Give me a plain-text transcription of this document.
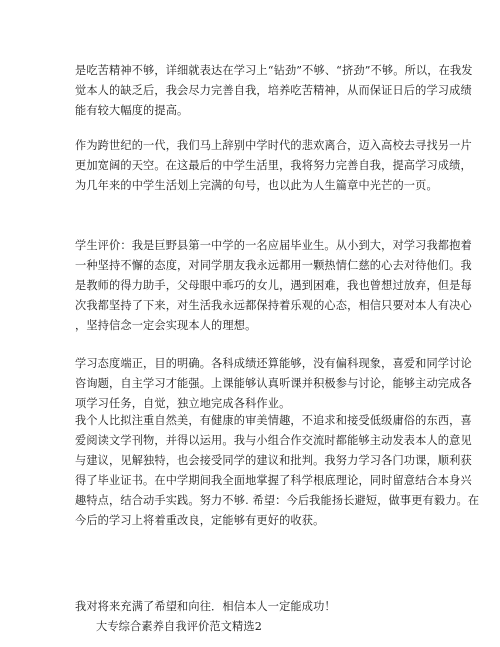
是吃苦精神不够，详细就表达在学习上“钻劲”不够、“挤劲”不够。所以，在我发
觉本人的缺乏后，我会尽力完善自我，培养吃苦精神，从而保证日后的学习成绩
能有较大幅度的提高。

作为跨世纪的一代，我们马上辞别中学时代的悲欢离合，迈入高校去寻找另一片
更加宽阔的天空。在这最后的中学生活里，我将努力完善自我，提高学习成绩，
为几年来的中学生活划上完满的句号，也以此为人生篇章中光芒的一页。

学生评价：我是巨野县第一中学的一名应届毕业生。从小到大，对学习我都抱着
一种坚持不懈的态度，对同学朋友我永远都用一颗热情仁慈的心去对待他们。我
是教师的得力助手，父母眼中乖巧的女儿，遇到困难，我也曾想过放弃，但是每
次我都坚持了下来，对生活我永远都保持着乐观的心态，相信只要对本人有决心
，坚持信念一定会实现本人的理想。

学习态度端正，目的明确。各科成绩还算能够，没有偏科现象，喜爱和同学讨论
咨询题，自主学习才能强。上课能够认真听课并积极参与讨论，能够主动完成各
项学习任务，自觉，独立地完成各科作业。

我个人比拟注重自然美，有健康的审美情趣，不追求和接受低级庸俗的东西，喜
爱阅读文学刊物，并得以运用。我与小组合作交流时都能够主动发表本人的意见
与建议，见解独特，也会接受同学的建议和批判。我努力学习各门功课，顺利获
得了毕业证书。在中学期间我全面地掌握了科学根底理论，同时留意结合本身兴
趣特点，结合动手实践。努力不够. 希望：今后我能扬长避短，做事更有毅力。在
今后的学习上将着重改良，定能够有更好的收获。

我对将来充满了希望和向往．相信本人一定能成功！

大专综合素养自我评价范文精选2
